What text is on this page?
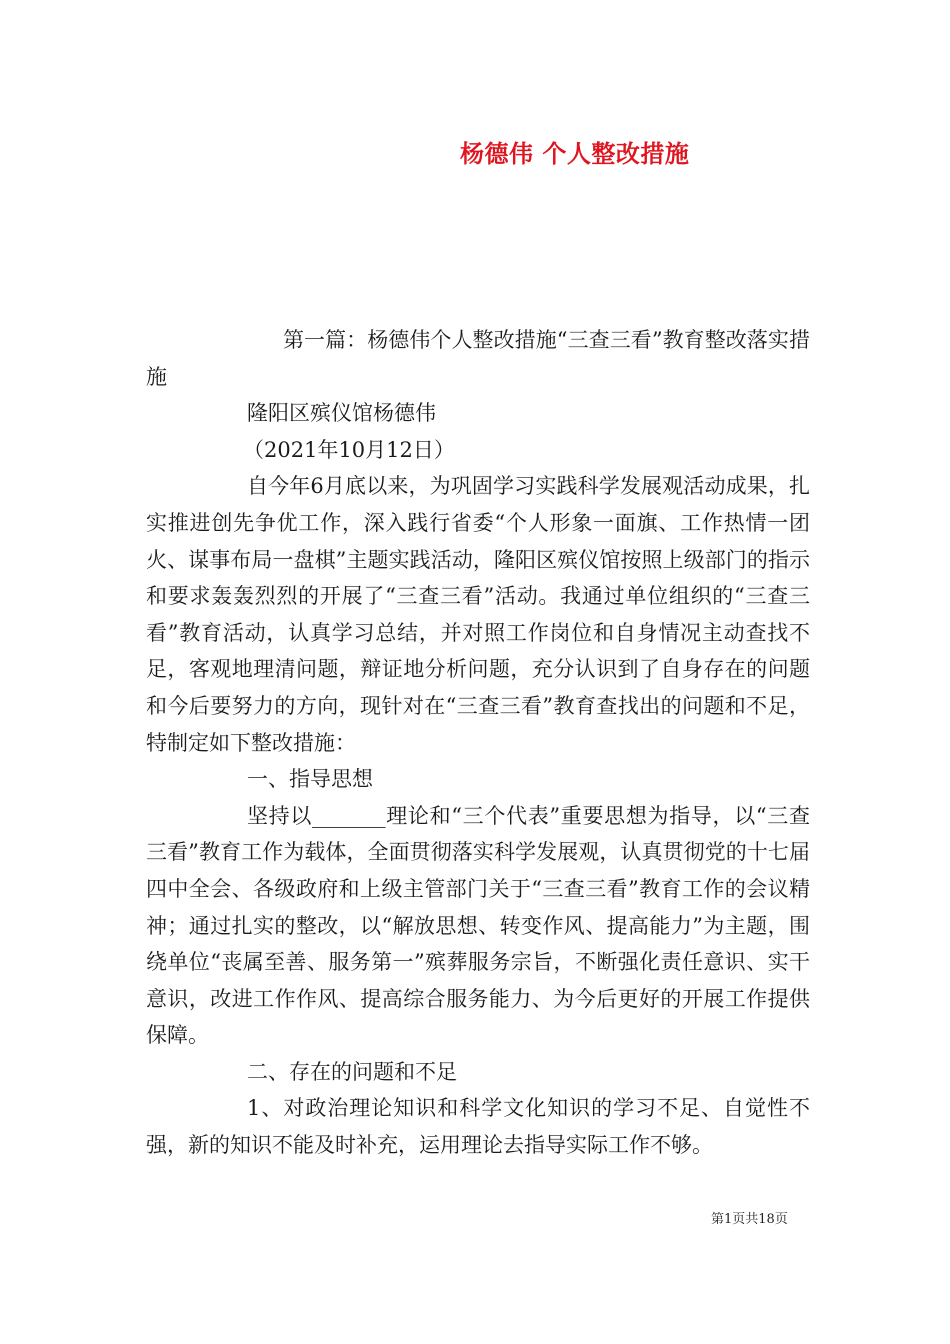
杨德伟 个人整改措施

第一篇：杨德伟个人整改措施“三查三看”教育整改落实措施

隆阳区殡仪馆杨德伟

（2021年10月12日）

自今年6月底以来，为巩固学习实践科学发展观活动成果，扎实推进创先争优工作，深入践行省委“个人形象一面旗、工作热情一团火、谋事布局一盘棋”主题实践活动，隆阳区殡仪馆按照上级部门的指示和要求轰轰烈烈的开展了“三查三看”活动。我通过单位组织的“三查三看”教育活动，认真学习总结，并对照工作岗位和自身情况主动查找不足，客观地理清问题，辩证地分析问题，充分认识到了自身存在的问题和今后要努力的方向，现针对在“三查三看”教育查找出的问题和不足，特制定如下整改措施：

一、指导思想

坚持以_______理论和“三个代表”重要思想为指导，以“三查三看”教育工作为载体，全面贯彻落实科学发展观，认真贯彻党的十七届四中全会、各级政府和上级主管部门关于“三查三看”教育工作的会议精神；通过扎实的整改，以“解放思想、转变作风、提高能力”为主题，围绕单位“丧属至善、服务第一”殡葬服务宗旨，不断强化责任意识、实干意识，改进工作作风、提高综合服务能力、为今后更好的开展工作提供保障。

二、存在的问题和不足

1、对政治理论知识和科学文化知识的学习不足、自觉性不强，新的知识不能及时补充，运用理论去指导实际工作不够。

第1页共18页
